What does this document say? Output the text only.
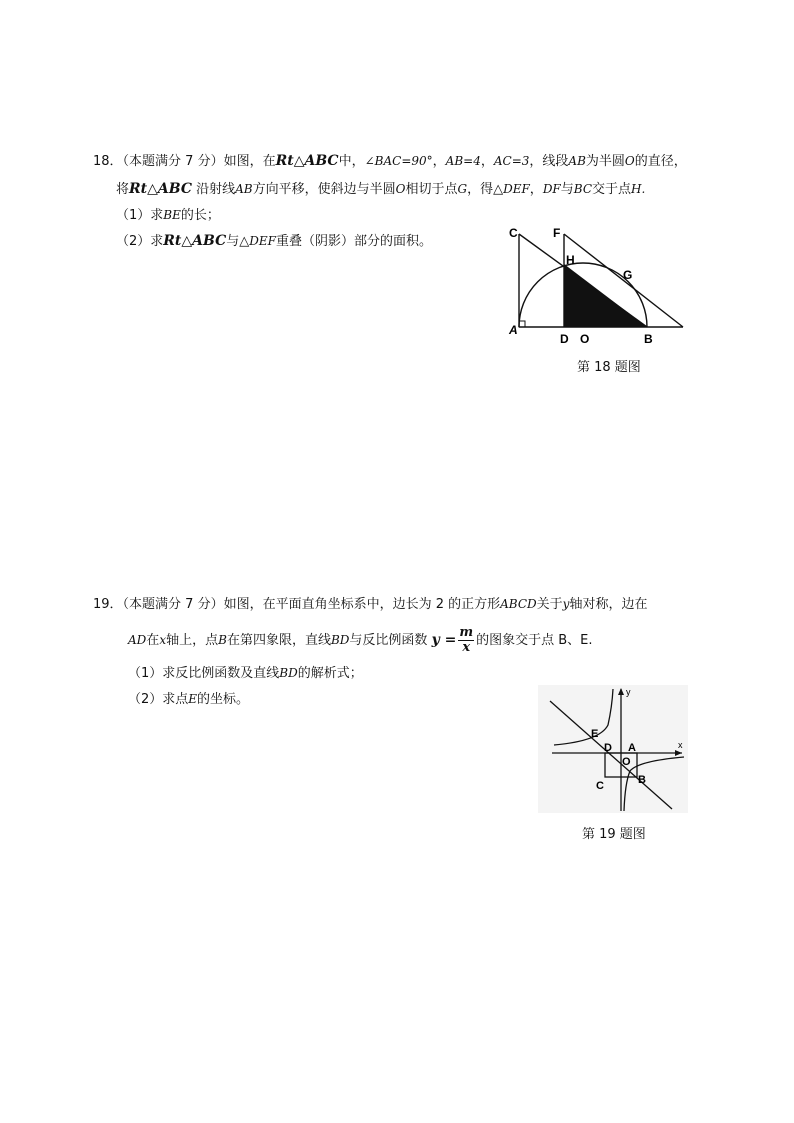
18．（本题满分 7 分）如图，在Rt△ABC中，∠BAC=90°，AB=4，AC=3，线段AB为半圆O的直径，
将Rt△ABC 沿射线AB方向平移，使斜边与半圆O相切于点G，得△DEF，DF与BC交于点H.
（1）求BE的长；
（2）求Rt△ABC与△DEF重叠（阴影）部分的面积。
C	F
H
G
A
D O	B
第 18 题图
19．（本题满分 7 分）如图，在平面直角坐标系中，边长为 2 的正方形ABCD关于y轴对称，边在
AD在x轴上，点B在第四象限，直线BD与反比例函数 $y = \frac{m}{x}$ 的图象交于点 B、E.
（1）求反比例函数及直线BD的解析式；
（2）求点E的坐标。	y
x
E
D A
O
C	B
第 19 题图
